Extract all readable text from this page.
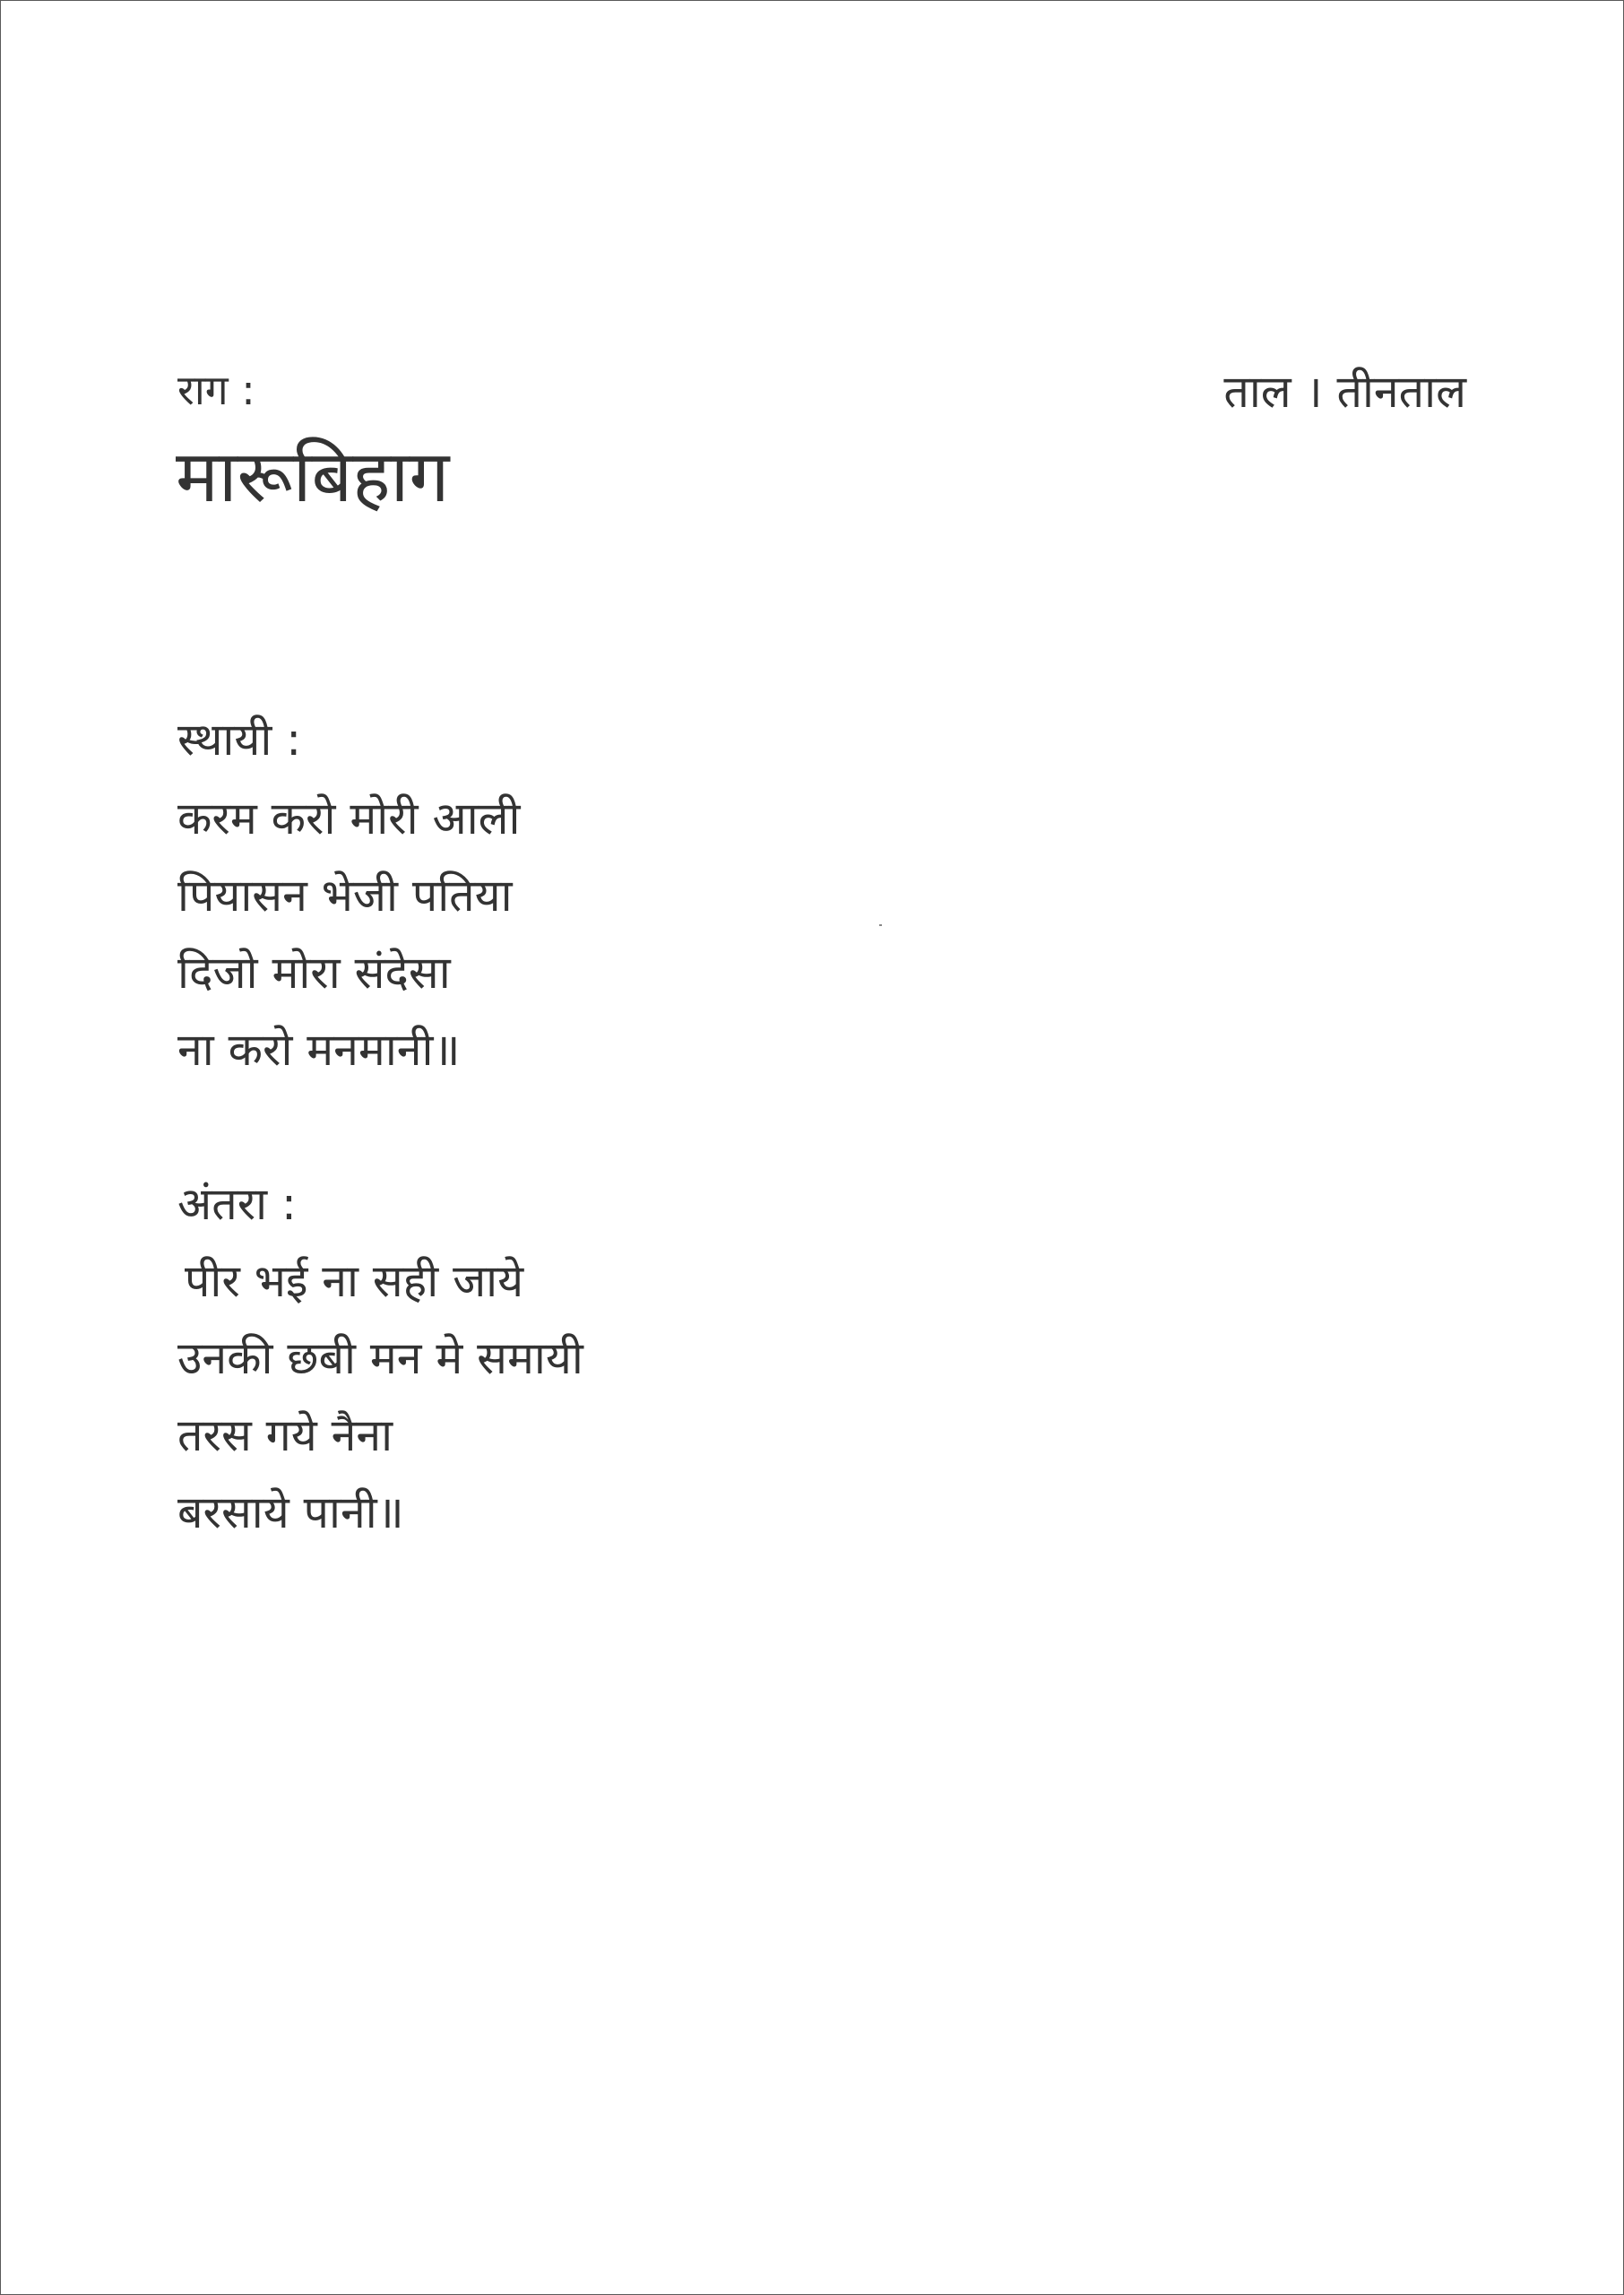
राग :
मारूबिहाग
ताल । तीनताल
स्थायी :
करम करो मोरी आली
पियासन भेजी पतिया
दिजो मोरा संदेसा
ना करो मनमानी॥
अंतरा :
पीर भई ना सही जाये
उनकी छबी मन मे समायी
तरस गये नैना
बरसाये पानी॥
